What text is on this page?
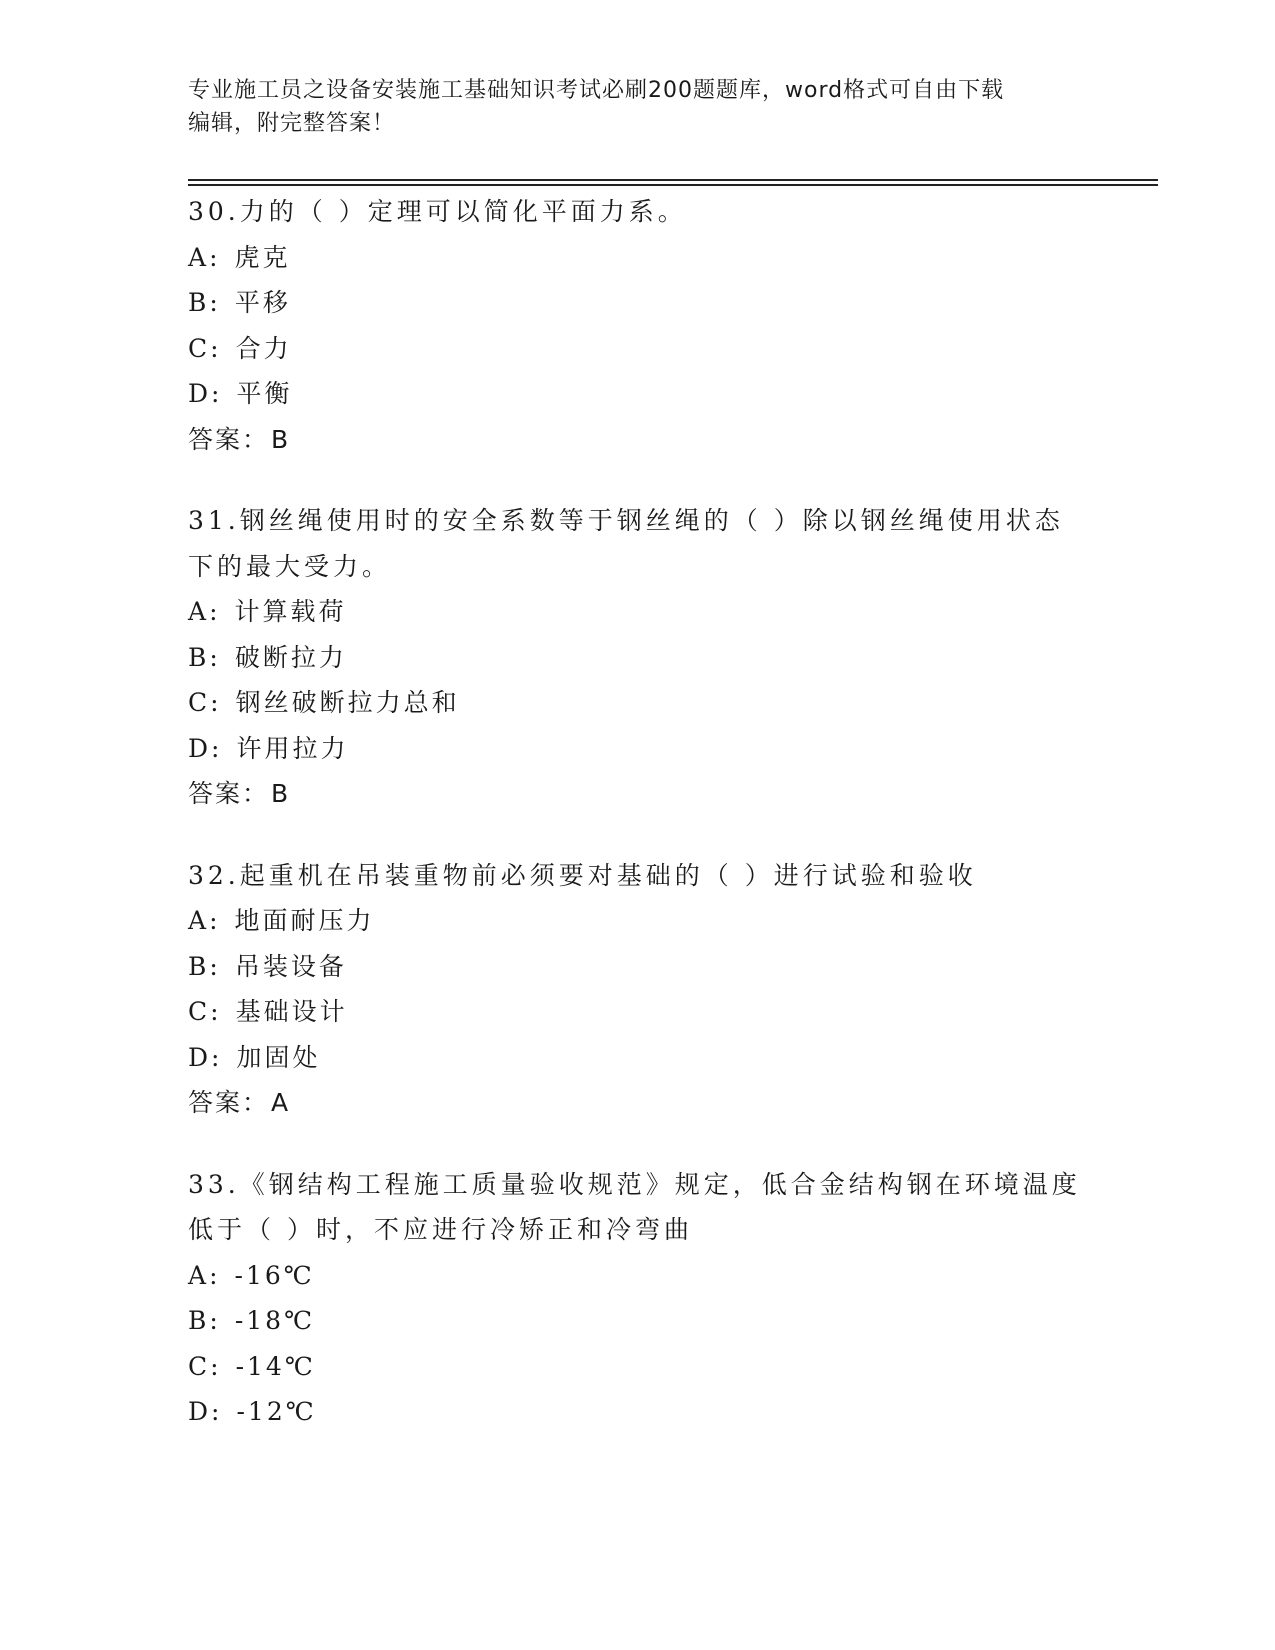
专业施工员之设备安装施工基础知识考试必刷200题题库，word格式可自由下载
编辑，附完整答案！
30.力的（ ）定理可以简化平面力系。
A: 虎克
B: 平移
C: 合力
D: 平衡
答案：B
31.钢丝绳使用时的安全系数等于钢丝绳的（ ）除以钢丝绳使用状态下的最大受力。
A: 计算载荷
B: 破断拉力
C: 钢丝破断拉力总和
D: 许用拉力
答案：B
32.起重机在吊装重物前必须要对基础的（ ）进行试验和验收
A: 地面耐压力
B: 吊装设备
C: 基础设计
D: 加固处
答案：A
33.《钢结构工程施工质量验收规范》规定，低合金结构钢在环境温度低于（ ）时，不应进行冷矫正和冷弯曲
A: -16℃
B: -18℃
C: -14℃
D: -12℃
